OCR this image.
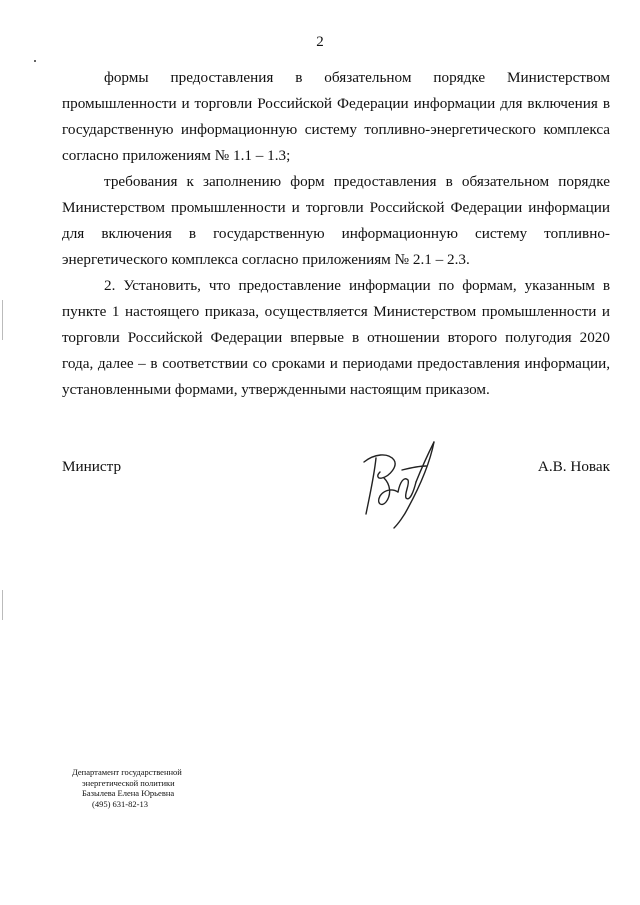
2

формы предоставления в обязательном порядке Министерством промышленности и торговли Российской Федерации информации для включения в государственную информационную систему топливно-энергетического комплекса согласно приложениям № 1.1 – 1.3;

требования к заполнению форм предоставления в обязательном порядке Министерством промышленности и торговли Российской Федерации информации для включения в государственную информационную систему топливно-энергетического комплекса согласно приложениям № 2.1 – 2.3.

2. Установить, что предоставление информации по формам, указанным в пункте 1 настоящего приказа, осуществляется Министерством промышленности и торговли Российской Федерации впервые в отношении второго полугодия 2020 года, далее – в соответствии со сроками и периодами предоставления информации, установленными формами, утвержденными настоящим приказом.

Министр	А.В. Новак
Департамент государственной
энергетической политики
Базылева Елена Юрьевна
(495) 631-82-13
